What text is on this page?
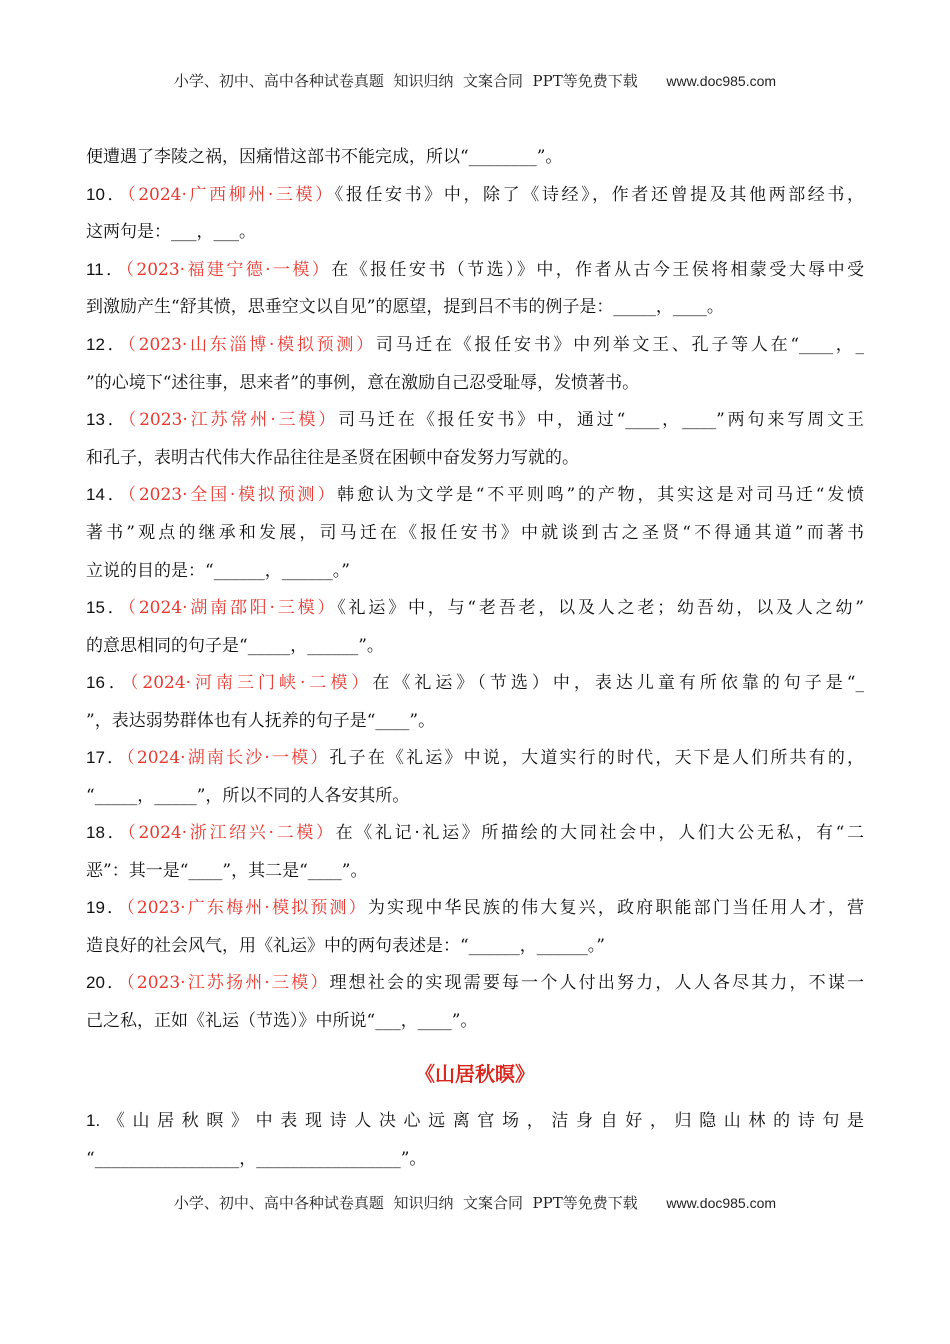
小学、初中、高中各种试卷真题  知识归纳  文案合同  PPT等免费下载 www.doc985.com
便遭遇了李陵之祸，因痛惜这部书不能完成，所以“________”。
10．（2024·广西柳州·三模）《报任安书》中，除了《诗经》，作者还曾提及其他两部经书，
这两句是：___，___。
11．（2023·福建宁德·一模）在《报任安书（节选）》中，作者从古今王侯将相蒙受大辱中受
到激励产生“舒其愤，思垂空文以自见”的愿望，提到吕不韦的例子是：_____，____。
12．（2023·山东淄博·模拟预测）司马迁在《报任安书》中列举文王、孔子等人在“____，_
”的心境下“述往事，思来者”的事例，意在激励自己忍受耻辱，发愤著书。
13．（2023·江苏常州·三模）司马迁在《报任安书》中，通过“____，____”两句来写周文王
和孔子，表明古代伟大作品往往是圣贤在困顿中奋发努力写就的。
14．（2023·全国·模拟预测）韩愈认为文学是“不平则鸣”的产物，其实这是对司马迁“发愤
著书”观点的继承和发展，司马迁在《报任安书》中就谈到古之圣贤“不得通其道”而著书
立说的目的是：“______，______。”
15．（2024·湖南邵阳·三模）《礼运》中，与“老吾老，以及人之老；幼吾幼，以及人之幼”
的意思相同的句子是“_____，______”。
16．（2024·河南三门峡·二模）在《礼运》（节选）中，表达儿童有所依靠的句子是“_
”，表达弱势群体也有人抚养的句子是“____”。
17．（2024·湖南长沙·一模）孔子在《礼运》中说，大道实行的时代，天下是人们所共有的，
“_____，_____”，所以不同的人各安其所。
18．（2024·浙江绍兴·二模）在《礼记·礼运》所描绘的大同社会中，人们大公无私，有“二
恶”：其一是“____”，其二是“____”。
19．（2023·广东梅州·模拟预测）为实现中华民族的伟大复兴，政府职能部门当任用人才，营
造良好的社会风气，用《礼运》中的两句表述是：“______，______。”
20．（2023·江苏扬州·三模）理想社会的实现需要每一个人付出努力，人人各尽其力，不谋一
己之私，正如《礼运（节选）》中所说“___，____”。
《山居秋暝》
1.《山居秋暝》中表现诗人决心远离官场，洁身自好，归隐山林的诗句是
“_________________，_________________”。
小学、初中、高中各种试卷真题  知识归纳  文案合同  PPT等免费下载 www.doc985.com
